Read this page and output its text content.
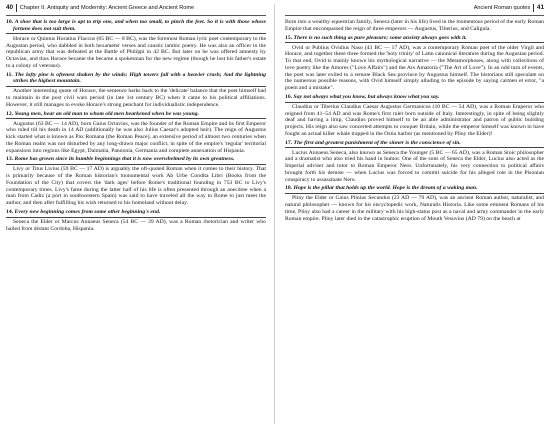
40 Chapter II. Antiquity and Modernity: Ancient Greece and Ancient Rome
10. A shoe that is too large is apt to trip one, and when too small, to pinch the feet. So it is with those whose fortune does not suit them.
Horace or Quintus Horatius Flaccus (65 BC — 8 BC), was the foremost Roman lyric poet contemporary to the Augustan period, who dabbled in both hexameter verses and caustic iambic poetry. He was also an officer in the republican army that was defeated at the Battle of Philippi in 42 BC. But later on he was offered amnesty by Octavian, and thus Horace became the became a spokesman for the new regime (though he lost his father's estate to a colony of veterans).
11. The lofty pine is oftenest shaken by the winds; High towers fall with a heavier crash; And the lightning strikes the highest mountain.
Another interesting quote of Horace, the sentence harks back to the 'delicate' balance that the poet himself had to maintain in the post civil wars period (in late 1st century BC) when it came to his political affiliations. However, it still manages to evoke Horace's strong penchant for individualistic independence.
12. Young men, hear an old man to whom old men hearkened when he was young.
Augustus (63 BC — 14 AD), born Gaius Octavius, was the founder of the Roman Empire and its first Emperor who ruled till his death in 14 AD (additionally he was also Julius Caesar's adopted heir). The reign of Augustus kick started what is known as Pax Romana (the Roman Peace), an extensive period of almost two centuries when the Roman realm was not disturbed by any long-drawn major conflict, in spite of the empire's 'regular' territorial expansions into regions like Egypt, Dalmatia, Pannonia, Germania and complete annexation of Hispania.
13. Rome has grown since its humble beginnings that it is now overwhelmed by its own greatness.
Livy or Titus Livius (59 BC — 17 AD) is arguably the oft-quoted Roman when it comes to their history. That is primarily because of the Roman historian's monumental work Ab Urbe Condita Libri (Books from the Foundation of the City) that covers the 'dark ages' before Rome's traditional founding in 753 BC to Livy's contemporary times. Livy's fame during the latter half of his life is often presented through an anecdote when a man from Cadiz (a port in southwestern Spain) was said to have traveled all the way to Rome to just meet the author, and then after fulfilling his wish returned to his homeland without delay.
14. Every new beginning comes from some other beginning's end.
Seneca the Elder or Marcus Annaeus Seneca (54 BC — 39 AD), was a Roman rhetorician and writer who hailed from distant Cordoba, Hispania.
Ancient Roman quotes 41
Born into a wealthy equestrian family, Seneca (later in his life) lived in the momentous period of the early Roman Empire that encompassed the reign of three emperors — Augustus, Tiberius, and Caligula.
15. There is no such thing as pure pleasure; some anxiety always goes with it.
Ovid or Publius Ovidius Naso (43 BC — 17 AD), was a contemporary Roman poet of the older Virgil and Horace, and together these three formed the 'holy trinity' of Latin canonical literature during the Augustan period. To that end, Ovid is mainly known his mythological narrative — the Metamorphoses, along with collections of love poetry like the Amores ("Love Affairs") and the Ars Amatoria ("The Art of Love"). In an odd turn of events, the poet was later exiled to a remote Black Sea province by Augustus himself. The historians still speculate on the numerous possible reasons, with Ovid himself simply alluding to the episode by saying carmen et error, "a poem and a mistake".
16. Say not always what you know, but always know what you say.
Claudius or Tiberius Claudius Caesar Augustus Germanicus (10 BC — 54 AD), was a Roman Emperor who reigned from 41–54 AD and was Rome's first ruler born outside of Italy. Interestingly, in spite of being slightly deaf and having a limp, Claudius proved himself to be an able administrator and patron of public building projects. His reign also saw concerted attempts to conquer Britain, while the emperor himself was known to have fought an actual killer whale trapped in the Ostia harbor (as mentioned by Pliny the Elder)!
17. The first and greatest punishment of the sinner is the conscience of sin.
Lucius Annaeus Seneca, also known as Seneca the Younger (5 BC — 65 AD), was a Roman Stoic philosopher and a dramatist who also tried his hand in humor. One of the sons of Seneca the Elder, Lucius also acted as the Imperial adviser and tutor to Roman Emperor Nero. Unfortunately, his very connection to political affairs brought forth his demise — when Lucius was forced to commit suicide for his alleged role in the Pisonian conspiracy to assassinate Nero.
18. Hope is the pillar that holds up the world. Hope is the dream of a waking man.
Pliny the Elder or Gaius Plinius Secundus (23 AD — 79 AD), was an ancient Roman author, naturalist, and natural philosopher — known for his encyclopedic work, Naturalis Historia. Like some eminent Romans of his time, Pliny also had a career in the military with his high-status post as a naval and army commander in the early Roman empire. Pliny later died in the catastrophic eruption of Mouth Vesuvius (AD 79) on the beach at
